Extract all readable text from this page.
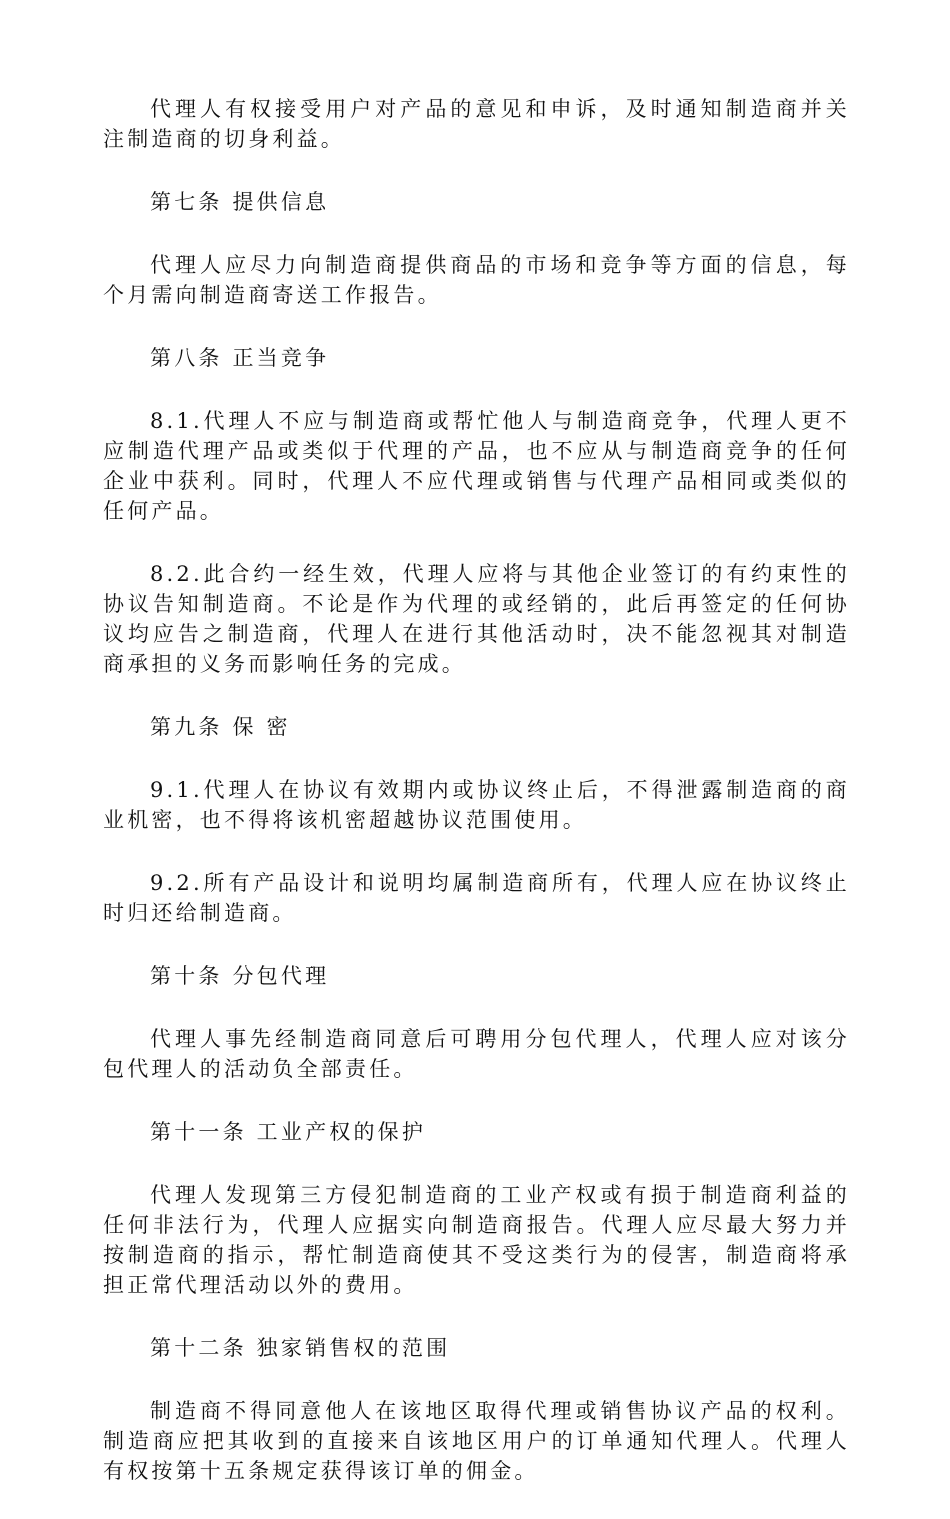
代理人有权接受用户对产品的意见和申诉，及时通知制造商并关注制造商的切身利益。

第七条 提供信息

代理人应尽力向制造商提供商品的市场和竞争等方面的信息，每个月需向制造商寄送工作报告。

第八条 正当竞争

8.1.代理人不应与制造商或帮忙他人与制造商竞争，代理人更不应制造代理产品或类似于代理的产品，也不应从与制造商竞争的任何企业中获利。同时，代理人不应代理或销售与代理产品相同或类似的任何产品。

8.2.此合约一经生效，代理人应将与其他企业签订的有约束性的协议告知制造商。不论是作为代理的或经销的，此后再签定的任何协议均应告之制造商，代理人在进行其他活动时，决不能忽视其对制造商承担的义务而影响任务的完成。

第九条 保 密

9.1.代理人在协议有效期内或协议终止后，不得泄露制造商的商业机密，也不得将该机密超越协议范围使用。

9.2.所有产品设计和说明均属制造商所有，代理人应在协议终止时归还给制造商。

第十条 分包代理

代理人事先经制造商同意后可聘用分包代理人，代理人应对该分包代理人的活动负全部责任。

第十一条 工业产权的保护

代理人发现第三方侵犯制造商的工业产权或有损于制造商利益的任何非法行为，代理人应据实向制造商报告。代理人应尽最大努力并按制造商的指示，帮忙制造商使其不受这类行为的侵害，制造商将承担正常代理活动以外的费用。

第十二条 独家销售权的范围

制造商不得同意他人在该地区取得代理或销售协议产品的权利。制造商应把其收到的直接来自该地区用户的订单通知代理人。代理人有权按第十五条规定获得该订单的佣金。
